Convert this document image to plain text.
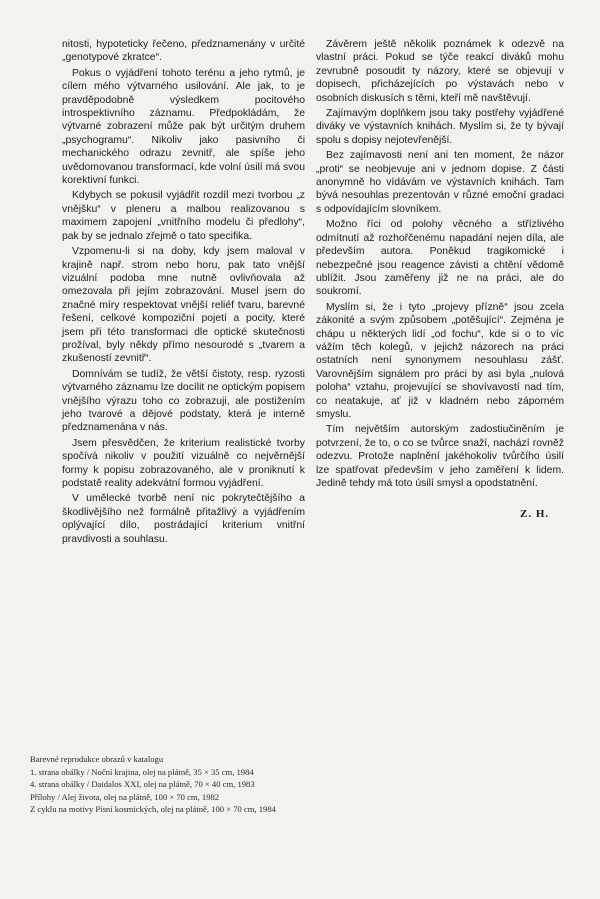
nitosti, hypoteticky řečeno, předznamenány v určité „genotypové zkratce“.

Pokus o vyjádření tohoto terénu a jeho rytmů, je cílem mého výtvarného usilování. Ale jak, to je pravděpodobně výsledkem pocitového introspektivního záznamu. Předpokládám, že výtvarné zobrazení může pak být určitým druhem „psychogramu“. Nikoliv jako pasivního či mechanického odrazu zevnitř, ale spíše jeho uvědomovanou transformací, kde volní úsilí má svou korektivní funkci.

Kdybych se pokusil vyjádřit rozdíl mezi tvorbou „z vnějšku“ v pleneru a malbou realizovanou s maximem zapojení „vnitřního modelu či předlohy“, pak by se jednalo zřejmě o tato specifika.

Vzpomenu-li si na doby, kdy jsem maloval v krajině např. strom nebo horu, pak tato vnější vizuální podoba mne nutně ovlivňovala až omezovala při jejím zobrazování. Musel jsem do značné míry respektovat vnější reliéf tvaru, barevné řešení, celkové kompoziční pojetí a pocity, které jsem při této transformaci dle optické skutečnosti prožíval, byly někdy přímo nesourodé s „tvarem a zkušeností zevnitř“.

Domnívám se tudíž, že větší čistoty, resp. ryzosti výtvarného záznamu lze docílit ne optickým popisem vnějšího výrazu toho co zobrazuji, ale postižením jeho tvarové a dějové podstaty, která je interně předznamenána v nás.

Jsem přesvědčen, že kriterium realistické tvorby spočívá nikoliv v použití vizuálně co nejvěrnější formy k popisu zobrazovaného, ale v proniknutí k podstatě reality adekvátní formou vyjádření.

V umělecké tvorbě není nic pokrytečtějšího a škodlivějšího než formálně přitažlivý a vyjádřením oplývající dílo, postrádající kriterium vnitřní pravdivosti a souhlasu.

Závěrem ještě několik poznámek k odezvě na vlastní práci. Pokud se týče reakcí diváků mohu zevrubně posoudit ty názory, které se objevují v dopisech, přicházejících po výstavách nebo v osobních diskusích s těmi, kteří mě navštěvují.

Zajímavým doplňkem jsou taky postřehy vyjádřené diváky ve výstavních knihách. Myslím si, že ty bývají spolu s dopisy nejotevřenější.

Bez zajímavosti není ani ten moment, že názor „proti“ se neobjevuje ani v jednom dopise. Z části anonymně ho vídávám ve výstavních knihách. Tam bývá nesouhlas prezentován v různé emoční gradaci s odpovídajícím slovníkem.

Možno říci od polohy věcného a střízlivého odmítnutí až rozhořčenému napadání nejen díla, ale především autora. Poněkud tragikomické i nebezpečné jsou reagence závisti a chtění vědomě ublížit. Jsou zaměřeny již ne na práci, ale do soukromí.

Myslím si, že i tyto „projevy přízně“ jsou zcela zákonité a svým způsobem „potěšující“. Zejména je chápu u některých lidí „od fochu“, kde si o to víc vážím těch kolegů, v jejichž názorech na práci ostatních není synonymem nesouhlasu zášť. Varovnějším signálem pro práci by asi byla „nulová poloha“ vztahu, projevující se shovívavostí nad tím, co neatakuje, ať již v kladném nebo záporném smyslu.

Tím největším autorským zadostiučiněním je potvrzení, že to, o co se tvůrce snaží, nachází rovněž odezvu. Protože naplnění jakéhokoliv tvůrčího úsilí lze spatřovat především v jeho zaměření k lidem. Jedině tehdy má toto úsilí smysl a opodstatnění.

Z. H.
Barevné reprodukce obrazů v katalogu
1. strana obálky / Noční krajina, olej na plátně, 35 × 35 cm, 1984
4. strana obálky / Daidalos XXI, olej na plátně, 70 × 40 cm, 1983
Přílohy / Alej života, olej na plátně, 100 × 70 cm, 1982
Z cyklu na motivy Písní kosmických, olej na plátně, 100 × 70 cm, 1984
